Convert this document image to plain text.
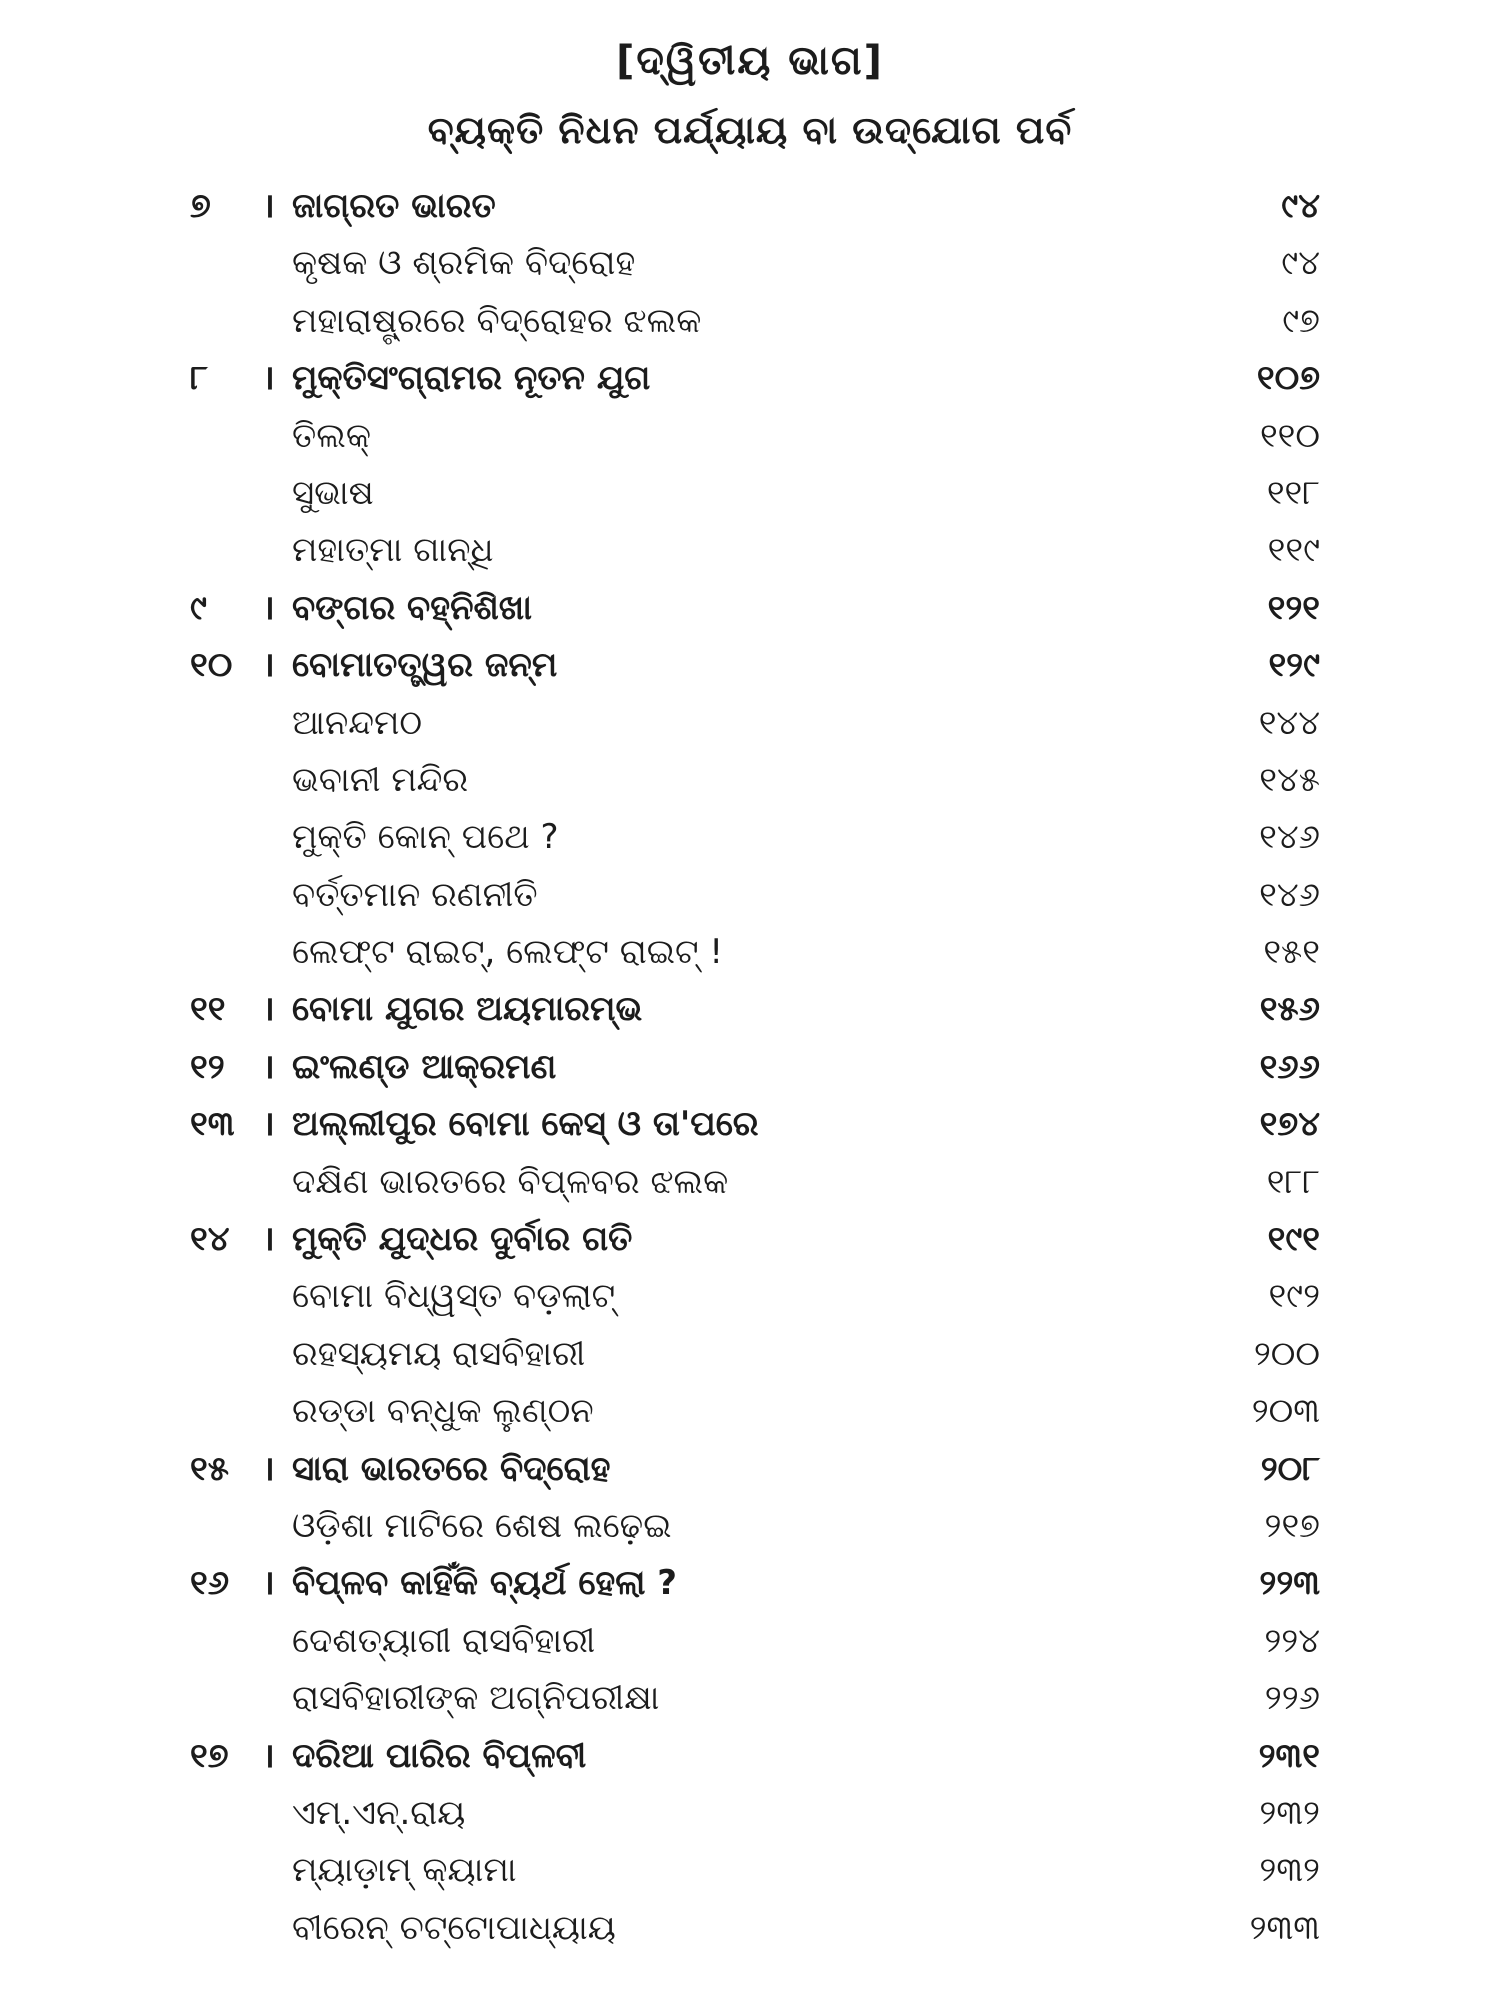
[ଦ୍ୱିତୀୟ ଭାଗ]
ବ୍ୟକ୍ତି ନିଧନ ପର୍ଯ୍ୟାୟ ବା ଉଦ୍‌ଯୋଗ ପର୍ବ
୭	। ଜାଗ୍ରତ ଭାରତ	୯୪
କୃଷକ ଓ ଶ୍ରମିକ ବିଦ୍ରୋହ	୯୪
ମହାରାଷ୍ଟ୍ରରେ ବିଦ୍ରୋହର ଝଲକ	୯୭
୮	। ମୁକ୍ତିସଂଗ୍ରାମର ନୂତନ ଯୁଗ	୧୦୭
ତିଲକ୍	୧୧୦
ସୁଭାଷ	୧୧୮
ମହାତ୍ମା ଗାନ୍ଧି	୧୧୯
୯	। ବଙ୍ଗର ବହ୍ନିଶିଖା	୧୨୧
୧୦ । ବୋମାତତ୍ତ୍ୱର ଜନ୍ମ	୧୨୯
ଆନନ୍ଦମଠ	୧୪୪
ଭବାନୀ ମନ୍ଦିର	୧୪୫
ମୁକ୍ତି କୋନ୍ ପଥେ ?	୧୪୬
ବର୍ତ୍ତମାନ ରଣନୀତି	୧୪୬
ଲେଫ୍‌ଟ ରାଇଟ୍, ଲେଫ୍‌ଟ ରାଇଟ୍ !	୧୫୧
୧୧	। ବୋମା ଯୁଗର ଅୟମାରମ୍ଭ	୧୫୬
୧୨	। ଇଂଲଣ୍ଡ ଆକ୍ରମଣ	୧୬୬
୧୩ । ଅଲ୍ଲୀପୁର ବୋମା କେସ୍ ଓ ତା'ପରେ	୧୭୪
ଦକ୍ଷିଣ ଭାରତରେ ବିପ୍ଳବର ଝଲକ	୧୮୮
୧୪ । ମୁକ୍ତି ଯୁଦ୍ଧର ଦୁର୍ବାର ଗତି	୧୯୧
ବୋମା ବିଧ୍ୱସ୍ତ ବଡ଼ଲାଟ୍	୧୯୨
ରହସ୍ୟମୟ ରାସବିହାରୀ	୨୦୦
ରଡ୍‌ଡା ବନ୍ଧୁକ ଲୁଣ୍ଠନ	୨୦୩
୧୫ । ସାରା ଭାରତରେ ବିଦ୍ରୋହ	୨୦୮
ଓଡ଼ିଶା ମାଟିରେ ଶେଷ ଲଢ଼େଇ	୨୧୭
୧୬ । ବିପ୍ଳବ କାହିଁକି ବ୍ୟର୍ଥ ହେଲା ?	୨୨୩
ଦେଶତ୍ୟାଗୀ ରାସବିହାରୀ	୨୨୪
ରାସବିହାରୀଙ୍କ ଅଗ୍ନିପରୀକ୍ଷା	୨୨୬
୧୭ । ଦରିଆ ପାରିର ବିପ୍ଳବୀ	୨୩୧
ଏମ୍.ଏନ୍.ରାୟ	୨୩୨
ମ୍ୟାଡ଼ାମ୍ କ୍ୟାମା	୨୩୨
ବୀରେନ୍ ଚଟ୍ଟୋପାଧ୍ୟାୟ	୨୩୩
